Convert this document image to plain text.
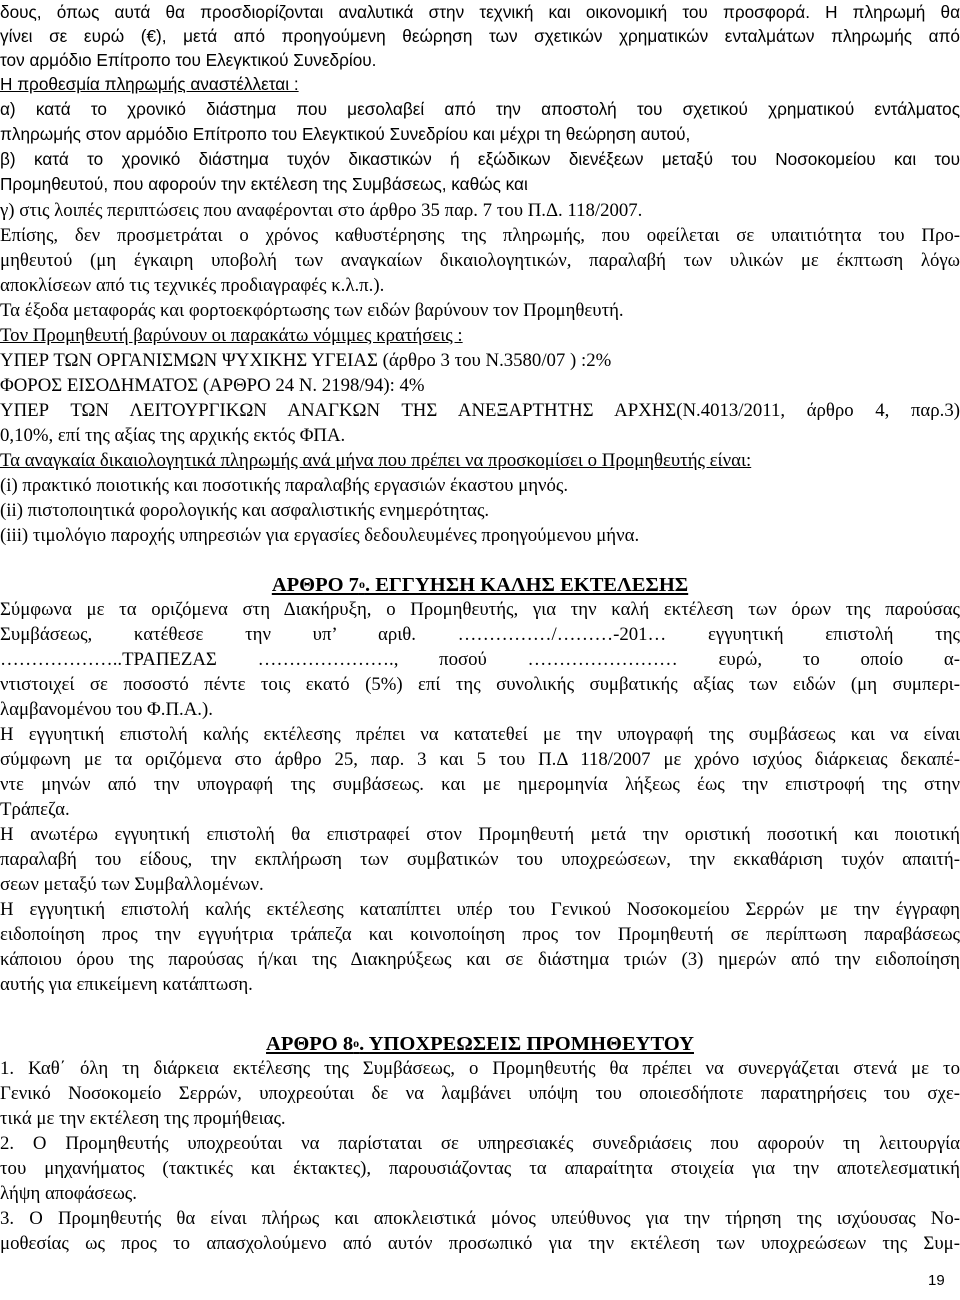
δους, όπως αυτά θα προσδιορίζονται αναλυτικά στην τεχνική και οικονομική του προσφορά. Η πληρωμή θα

γίνει σε ευρώ (€), μετά από προηγούμενη θεώρηση των σχετικών χρηματικών ενταλμάτων πληρωμής από

τον αρμόδιο Επίτροπο του Ελεγκτικού Συνεδρίου.

Η προθεσμία πληρωμής αναστέλλεται :

α) κατά το χρονικό διάστημα που μεσολαβεί από την αποστολή του σχετικού χρηματικού εντάλματος

πληρωμής στον αρμόδιο Επίτροπο του Ελεγκτικού Συνεδρίου και μέχρι τη θεώρηση αυτού,

β) κατά το χρονικό διάστημα τυχόν δικαστικών ή εξώδικων διενέξεων μεταξύ του Νοσοκομείου και του

Προμηθευτού, που αφορούν την εκτέλεση της Συμβάσεως, καθώς και

γ) στις λοιπές περιπτώσεις που αναφέρονται στο άρθρο 35 παρ. 7 του Π.Δ. 118/2007.

Επίσης, δεν προσμετράται ο χρόνος καθυστέρησης της πληρωμής, που οφείλεται σε υπαιτιότητα του Προ-

μηθευτού (μη έγκαιρη υποβολή των αναγκαίων δικαιολογητικών, παραλαβή των υλικών με έκπτωση λόγω

αποκλίσεων από τις τεχνικές προδιαγραφές κ.λ.π.).

Τα έξοδα μεταφοράς και φορτοεκφόρτωσης των ειδών βαρύνουν τον Προμηθευτή.

Τον Προμηθευτή βαρύνουν οι παρακάτω νόμιμες κρατήσεις :

ΥΠΕΡ ΤΩΝ ΟΡΓΑΝΙΣΜΩΝ ΨΥΧΙΚΗΣ ΥΓΕΙΑΣ (άρθρο 3 του Ν.3580/07 ) :2%

ΦΟΡΟΣ ΕΙΣΟΔΗΜΑΤΟΣ (ΑΡΘΡΟ 24 Ν. 2198/94): 4%

ΥΠΕΡ ΤΩΝ ΛΕΙΤΟΥΡΓΙΚΩΝ ΑΝΑΓΚΩΝ ΤΗΣ ΑΝΕΞΑΡΤΗΤΗΣ ΑΡΧΗΣ(Ν.4013/2011, άρθρο 4, παρ.3)

0,10%, επί της αξίας της αρχικής εκτός ΦΠΑ.

Τα αναγκαία δικαιολογητικά πληρωμής ανά μήνα που πρέπει να προσκομίσει ο Προμηθευτής είναι:

(i) πρακτικό ποιοτικής και ποσοτικής παραλαβής εργασιών έκαστου μηνός.

(ii) πιστοποιητικά φορολογικής και ασφαλιστικής ενημερότητας.

(iii) τιμολόγιο παροχής υπηρεσιών για εργασίες δεδουλευμένες προηγούμενου μήνα.

ΑΡΘΡΟ $7^o$. ΕΓΓΥΗΣΗ ΚΑΛΗΣ ΕΚΤΕΛΕΣΗΣ

Σύμφωνα με τα οριζόμενα στη Διακήρυξη, ο Προμηθευτής, για την καλή εκτέλεση των όρων της παρούσας

Συμβάσεως, κατέθεσε την υπ’ αριθ. ……………/………-201… εγγυητική επιστολή της

………………..ΤΡΑΠΕΖΑΣ …………………., ποσού …………………… ευρώ, το οποίο α-

ντιστοιχεί σε ποσοστό πέντε τοις εκατό (5%) επί της συνολικής συμβατικής αξίας των ειδών (μη συμπερι-

λαμβανομένου του Φ.Π.Α.).

Η εγγυητική επιστολή καλής εκτέλεσης πρέπει να κατατεθεί με την υπογραφή της συμβάσεως και να είναι

σύμφωνη με τα οριζόμενα στο άρθρο 25, παρ. 3 και 5 του Π.Δ 118/2007 με χρόνο ισχύος διάρκειας δεκαπέ-

ντε μηνών από την υπογραφή της συμβάσεως. και με ημερομηνία λήξεως έως την επιστροφή της στην

Τράπεζα.

Η ανωτέρω εγγυητική επιστολή θα επιστραφεί στον Προμηθευτή μετά την οριστική ποσοτική και ποιοτική

παραλαβή του είδους, την εκπλήρωση των συμβατικών του υποχρεώσεων, την εκκαθάριση τυχόν απαιτή-

σεων μεταξύ των Συμβαλλομένων.

Η εγγυητική επιστολή καλής εκτέλεσης καταπίπτει υπέρ του Γενικού Νοσοκομείου Σερρών με την έγγραφη

ειδοποίηση προς την εγγυήτρια τράπεζα και κοινοποίηση προς τον Προμηθευτή σε περίπτωση παραβάσεως

κάποιου όρου της παρούσας ή/και της Διακηρύξεως και σε διάστημα τριών (3) ημερών από την ειδοποίηση

αυτής για επικείμενη κατάπτωση.

ΑΡΘΡΟ $8^o$. ΥΠΟΧΡΕΩΣΕΙΣ ΠΡΟΜΗΘΕΥΤΟΥ

1. Καθ΄ όλη τη διάρκεια εκτέλεσης της Συμβάσεως, ο Προμηθευτής θα πρέπει να συνεργάζεται στενά με το

Γενικό Νοσοκομείο Σερρών, υποχρεούται δε να λαμβάνει υπόψη του οποιεσδήποτε παρατηρήσεις του σχε-

τικά με την εκτέλεση της προμήθειας.

2. Ο Προμηθευτής υποχρεούται να παρίσταται σε υπηρεσιακές συνεδριάσεις που αφορούν τη λειτουργία

του μηχανήματος (τακτικές και έκτακτες), παρουσιάζοντας τα απαραίτητα στοιχεία για την αποτελεσματική

λήψη αποφάσεως.

3. Ο Προμηθευτής θα είναι πλήρως και αποκλειστικά μόνος υπεύθυνος για την τήρηση της ισχύουσας Νο-

μοθεσίας ως προς το απασχολούμενο από αυτόν προσωπικό για την εκτέλεση των υποχρεώσεων της Συμ-

19
